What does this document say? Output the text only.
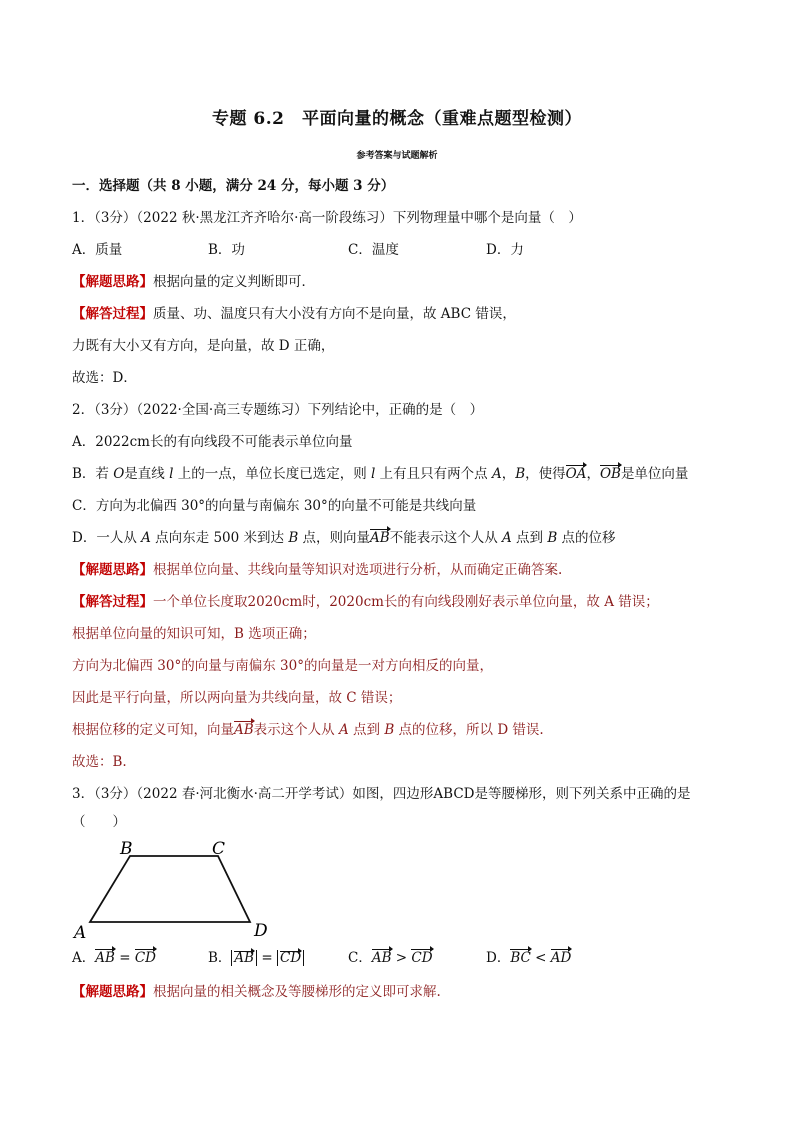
专题 6.2　平面向量的概念（重难点题型检测）
参考答案与试题解析
一．选择题（共 8 小题，满分 24 分，每小题 3 分）
1．（3分）（2022 秋·黑龙江齐齐哈尔·高一阶段练习）下列物理量中哪个是向量（　）
A．质量	B．功	C．温度	D．力
【解题思路】根据向量的定义判断即可．
【解答过程】质量、功、温度只有大小没有方向不是向量，故 ABC 错误，
力既有大小又有方向，是向量，故 D 正确，
故选：D．
2．（3分）（2022·全国·高三专题练习）下列结论中，正确的是（　）
A．2022cm长的有向线段不可能表示单位向量
B．若 O是直线 l 上的一点，单位长度已选定，则 l 上有且只有两个点 A，B，使得OA，OB是单位向量
C．方向为北偏西 30°的向量与南偏东 30°的向量不可能是共线向量
D．一人从 A 点向东走 500 米到达 B 点，则向量AB不能表示这个人从 A 点到 B 点的位移
【解题思路】根据单位向量、共线向量等知识对选项进行分析，从而确定正确答案.
【解答过程】一个单位长度取2020cm时，2020cm长的有向线段刚好表示单位向量，故 A 错误；
根据单位向量的知识可知，B 选项正确；
方向为北偏西 30°的向量与南偏东 30°的向量是一对方向相反的向量，
因此是平行向量，所以两向量为共线向量，故 C 错误；
根据位移的定义可知，向量AB表示这个人从 A 点到 B 点的位移，所以 D 错误.
故选：B.
3．（3分）（2022 春·河北衡水·高二开学考试）如图，四边形ABCD是等腰梯形，则下列关系中正确的是
（　　）
A
B	C
D
A．AB = CD	B． AB = CD	C．AB > CD	D．BC < AD
【解题思路】根据向量的相关概念及等腰梯形的定义即可求解.
